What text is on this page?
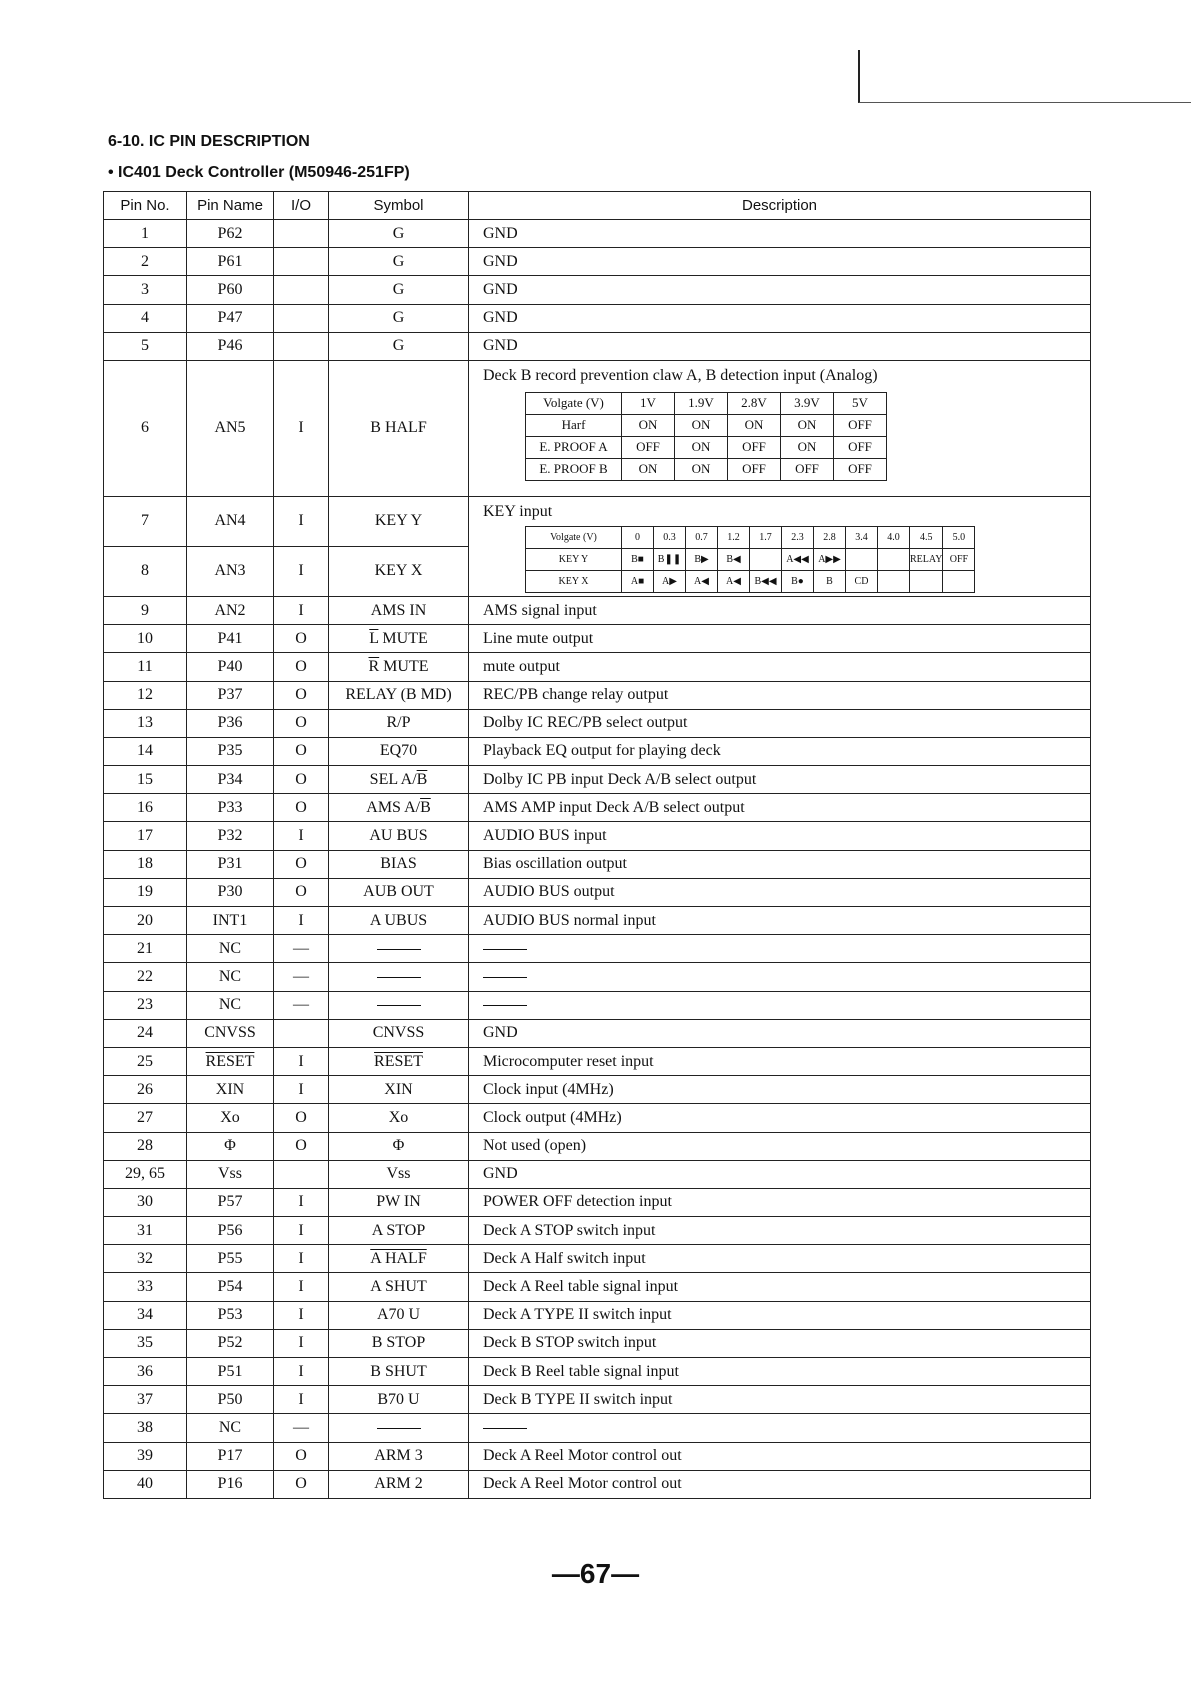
6-10. IC PIN DESCRIPTION
• IC401 Deck Controller (M50946-251FP)
Pin No.	Pin Name	I/O	Symbol	Description
1	P62		G	GND
2	P61		G	GND
3	P60		G	GND
4	P47		G	GND
5	P46		G	GND
6	AN5	I	B HALF	
Deck B record prevention claw A, B detection input (Analog)
Volgate (V)	1V	1.9V	2.8V	3.9V	5V
Harf	ON	ON	ON	ON	OFF
E. PROOF A	OFF	ON	OFF	ON	OFF
E. PROOF B	ON	ON	OFF	OFF	OFF

7	AN4	I	KEY Y	
KEY input
Volgate (V)	0	0.3	0.7	1.2	1.7	2.3	2.8	3.4	4.0	4.5	5.0
KEY Y	B■	B❚❚	B▶	B◀		A◀◀	A▶▶			RELAY	OFF
KEY X	A■	A▶	A◀	A◀	B◀◀	B●	B	CD			

8	AN3	I	KEY X
9	AN2	I	AMS IN	AMS signal input
10	P41	O	$\overline{L}$ MUTE	Line mute output
11	P40	O	$\overline{R}$ MUTE	mute output
12	P37	O	RELAY (B MD)	REC/PB change relay output
13	P36	O	R/P	Dolby IC REC/PB select output
14	P35	O	EQ70	Playback EQ output for playing deck
15	P34	O	SEL $A/\overline{B}$	Dolby IC PB input Deck A/B select output
16	P33	O	AMS $A/\overline{B}$	AMS AMP input Deck A/B select output
17	P32	I	AU BUS	AUDIO BUS input
18	P31	O	BIAS	Bias oscillation output
19	P30	O	AUB OUT	AUDIO BUS output
20	INT1	I	A UBUS	AUDIO BUS normal input
21	NC	—		
22	NC	—		
23	NC	—		
24	CNVSS		CNVSS	GND
25	RESET	I	RESET	Microcomputer reset input
26	XIN	I	XIN	Clock input (4MHz)
27	Xo	O	Xo	Clock output (4MHz)
28	Φ	O	Φ	Not used (open)
29, 65	Vss		Vss	GND
30	P57	I	PW IN	POWER OFF detection input
31	P56	I	A STOP	Deck A STOP switch input
32	P55	I	A HALF	Deck A Half switch input
33	P54	I	A SHUT	Deck A Reel table signal input
34	P53	I	A70 U	Deck A TYPE II switch input
35	P52	I	B STOP	Deck B STOP switch input
36	P51	I	B SHUT	Deck B Reel table signal input
37	P50	I	B70 U	Deck B TYPE II switch input
38	NC	—		
39	P17	O	ARM 3	Deck A Reel Motor control out
40	P16	O	ARM 2	Deck A Reel Motor control out
—67—
